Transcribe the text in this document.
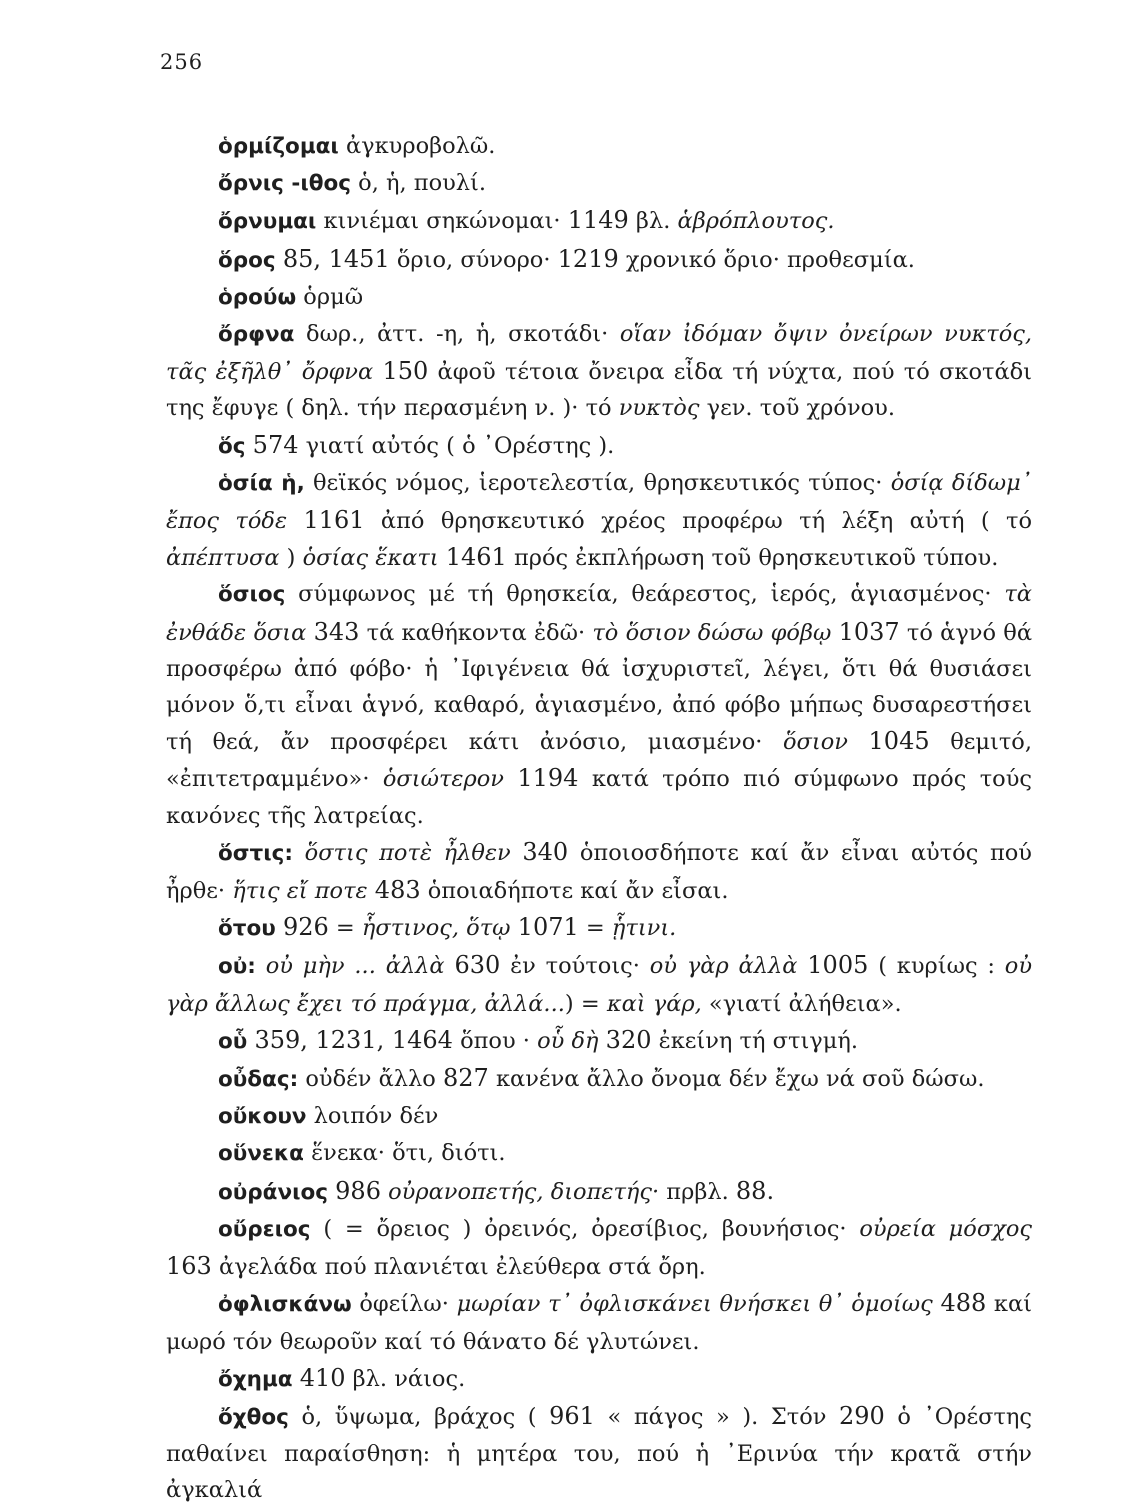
256

ὁρμίζομαι ἀγκυροβολῶ.

ὄρνις -ιθος ὁ, ἡ, πουλί.

ὄρνυμαι κινιέμαι σηκώνομαι· 1149 βλ. ἁβρόπλουτος.

ὅρος 85, 1451 ὅριο, σύνορο· 1219 χρονικό ὅριο· προθεσμία.

ὁρούω ὁρμῶ

ὄρφνα δωρ., ἀττ. -η, ἡ, σκοτάδι· οἵαν ἰδόμαν ὄψιν ὀνείρων νυκτός, τᾶς ἐξῆλθ᾿ ὄρφνα 150 ἀφοῦ τέτοια ὄνειρα εἶδα τή νύχτα, πού τό σκοτάδι της ἔφυγε ( δηλ. τήν περασμένη ν. )· τό νυκτὸς γεν. τοῦ χρόνου.

ὅς 574 γιατί αὐτός ( ὁ ᾿Ορέστης ).

ὁσία ἡ, θεϊκός νόμος, ἱεροτελεστία, θρησκευτικός τύπος· ὁσίᾳ δίδωμ᾿ ἔπος τόδε 1161 ἀπό θρησκευτικό χρέος προφέρω τή λέξη αὐτή ( τό ἀπέπτυσα ) ὁσίας ἕκατι 1461 πρός ἐκπλήρωση τοῦ θρησκευτικοῦ τύπου.

ὅσιος σύμφωνος μέ τή θρησκεία, θεάρεστος, ἱερός, ἁγιασμένος· τὰ ἐνθάδε ὅσια 343 τά καθήκοντα ἐδῶ· τὸ ὅσιον δώσω φόβῳ 1037 τό ἁγνό θά προσφέρω ἀπό φόβο· ἡ ᾿Ιφιγένεια θά ἰσχυριστεῖ, λέγει, ὅτι θά θυσιάσει μόνον ὅ,τι εἶναι ἁγνό, καθαρό, ἁγιασμένο, ἀπό φόβο μήπως δυσαρεστήσει τή θεά, ἄν προσφέρει κάτι ἀνόσιο, μιασμένο· ὅσιον 1045 θεμιτό, «ἐπιτετραμμένο»· ὁσιώτερον 1194 κατά τρόπο πιό σύμφωνο πρός τούς κανόνες τῆς λατρείας.

ὅστις: ὅστις ποτὲ ἦλθεν 340 ὁποιοσδήποτε καί ἄν εἶναι αὐτός πού ἦρθε· ἥτις εἴ ποτε 483 ὁποιαδήποτε καί ἄν εἶσαι.

ὅτου 926 = ἧστινος, ὅτῳ 1071 = ᾗτινι.

οὐ: οὐ μὴν ... ἀλλὰ 630 ἐν τούτοις· οὐ γὰρ ἀλλὰ 1005 ( κυρίως : οὐ γὰρ ἄλλως ἔχει τό πράγμα, ἀλλά...) = καὶ γάρ, «γιατί ἀλήθεια».

οὗ 359, 1231, 1464 ὅπου · οὗ δὴ 320 ἐκείνη τή στιγμή.

οὖδας: οὐδέν ἄλλο 827 κανένα ἄλλο ὄνομα δέν ἔχω νά σοῦ δώσω.

οὔκουν λοιπόν δέν

οὕνεκα ἕνεκα· ὅτι, διότι.

οὐράνιος 986 οὐρανοπετής, διοπετής· πρβλ. 88.

οὔρειος ( = ὄρειος ) ὀρεινός, ὀρεσίβιος, βουνήσιος· οὐρεία μόσχος 163 ἀγελάδα πού πλανιέται ἐλεύθερα στά ὄρη.

ὀφλισκάνω ὀφείλω· μωρίαν τ᾿ ὀφλισκάνει θνήσκει θ᾿ ὁμοίως 488 καί μωρό τόν θεωροῦν καί τό θάνατο δέ γλυτώνει.

ὄχημα 410 βλ. νάιος.

ὄχθος ὁ, ὕψωμα, βράχος ( 961 « πάγος » ). Στόν 290 ὁ ᾿Ορέστης παθαίνει παραίσθηση: ἡ μητέρα του, πού ἡ ᾿Ερινύα τήν κρατᾶ στήν ἀγκαλιά
